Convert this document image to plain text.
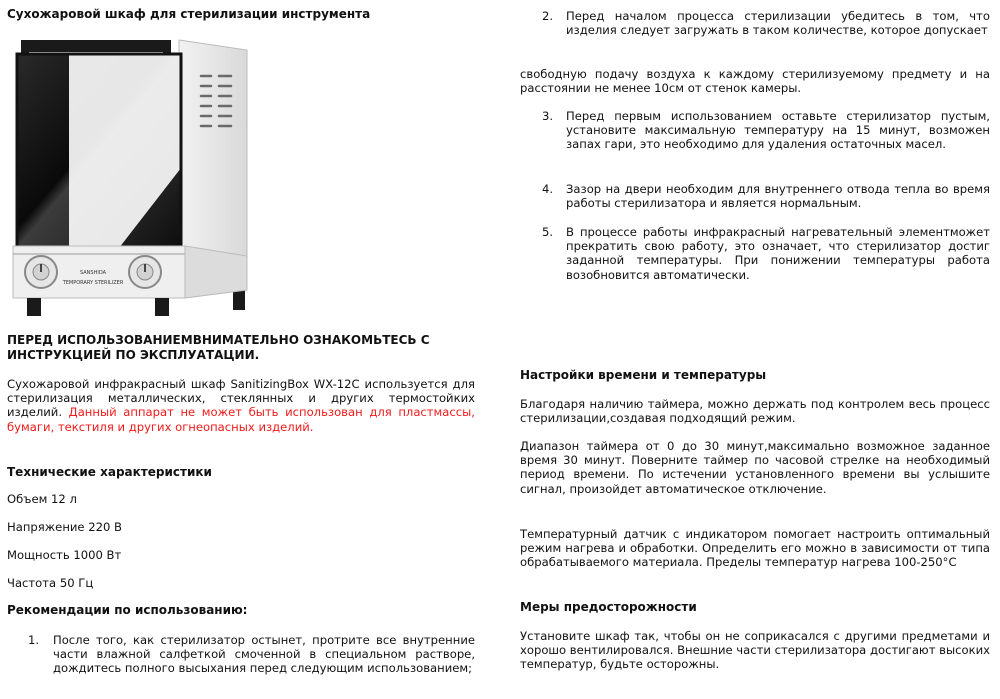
Сухожаровой шкаф для стерилизации инструмента
SANSHIDA
TEMPORARY STERILIZER
ПЕРЕД ИСПОЛЬЗОВАНИЕМВНИМАТЕЛЬНО ОЗНАКОМЬТЕСЬ С ИНСТРУКЦИЕЙ ПО ЭКСПЛУАТАЦИИ.

Сухожаровой инфракрасный шкаф SanitizingBox WX-12C используется для стерилизация металлических, стеклянных и других термостойких изделий. Данный аппарат не может быть использован для пластмассы, бумаги, текстиля и других огнеопасных изделий.

Технические характеристики
Объем 12 л
Напряжение 220 В
Мощность 1000 Вт
Частота 50 Гц
Рекомендации по использованию:
1.	После того, как стерилизатор остынет, протрите все внутренние части влажной салфеткой смоченной в специальном растворе, дождитесь полного высыхания перед следующим использованием;

2.	Перед началом процесса стерилизации убедитесь в том, что изделия следует загружать в таком количестве, которое допускает

свободную подачу воздуха к каждому стерилизуемому предмету и на расстоянии не менее 10см от стенок камеры.

3.	Перед первым использованием оставьте стерилизатор пустым, установите максимальную температуру на 15 минут, возможен запах гари, это необходимо для удаления остаточных масел.

4.	Зазор на двери необходим для внутреннего отвода тепла во время работы стерилизатора и является нормальным.

5.	В процессе работы инфракрасный нагревательный элементможет прекратить свою работу, это означает, что стерилизатор достиг заданной температуры. При понижении температуры работа возобновится автоматически.

Настройки времени и температуры

Благодаря наличию таймера, можно держать под контролем весь процесс стерилизации,создавая подходящий режим.

Диапазон таймера от 0 до 30 минут,максимально возможное заданное время 30 минут. Поверните таймер по часовой стрелке на необходимый период времени. По истечении установленного времени вы услышите сигнал, произойдет автоматическое отключение.

Температурный датчик с индикатором помогает настроить оптимальный режим нагрева и обработки. Определить его можно в зависимости от типа обрабатываемого материала. Пределы температур нагрева 100-250°С

Меры предосторожности

Установите шкаф так, чтобы он не соприкасался с другими предметами и хорошо вентилировался. Внешние части стерилизатора достигают высоких температур, будьте осторожны.
